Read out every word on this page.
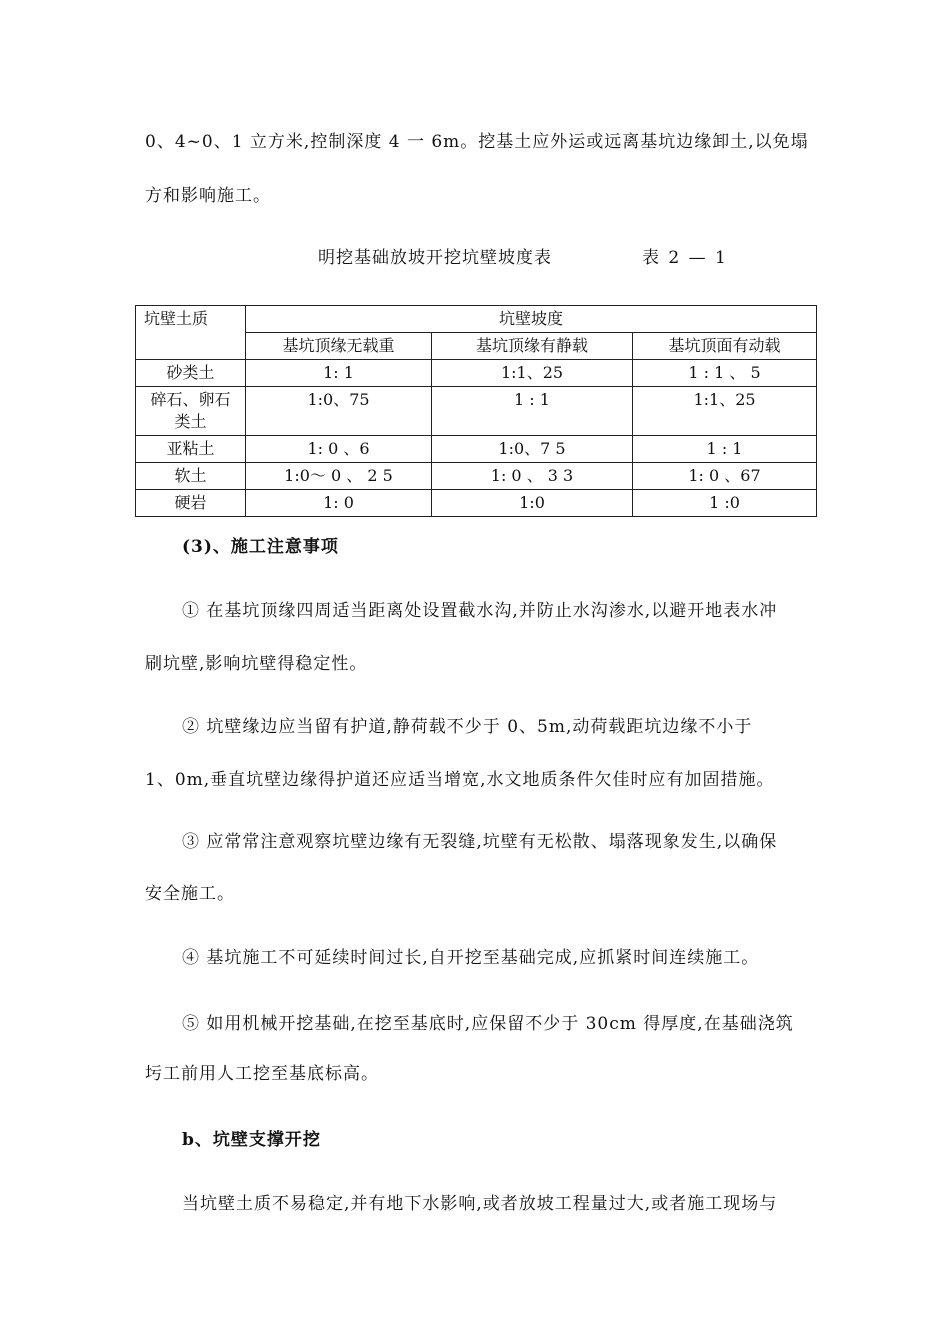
0、4~0、1 立方米,控制深度 4 一 6m。挖基土应外运或远离基坑边缘卸土,以免塌
方和影响施工。
明挖基础放坡开挖坑壁坡度表	表 2 — 1
坑壁土质	坑壁坡度		
	基坑顶缘无载重	基坑顶缘有静载	基坑顶面有动载
砂类土	1: 1	1:1、25	1 : 1 、 5
碎石、卵石类土	1:0、75	1 : 1	1:1、25
亚粘土	1: 0 、6	1:0、7 5	1 : 1
软土	1:0～ 0 、 2 5	1: 0 、 3 3	1: 0 、67
硬岩	1: 0	1:0	1 :0
(3)、施工注意事项
① 在基坑顶缘四周适当距离处设置截水沟,并防止水沟渗水,以避开地表水冲
刷坑壁,影响坑壁得稳定性。
② 坑壁缘边应当留有护道,静荷载不少于 0、5m,动荷载距坑边缘不小于
1、0m,垂直坑壁边缘得护道还应适当增宽,水文地质条件欠佳时应有加固措施。
③ 应常常注意观察坑壁边缘有无裂缝,坑壁有无松散、塌落现象发生,以确保
安全施工。
④ 基坑施工不可延续时间过长,自开挖至基础完成,应抓紧时间连续施工。
⑤ 如用机械开挖基础,在挖至基底时,应保留不少于 30cm 得厚度,在基础浇筑
圬工前用人工挖至基底标高。
b、坑壁支撑开挖
当坑壁土质不易稳定,并有地下水影响,或者放坡工程量过大,或者施工现场与
